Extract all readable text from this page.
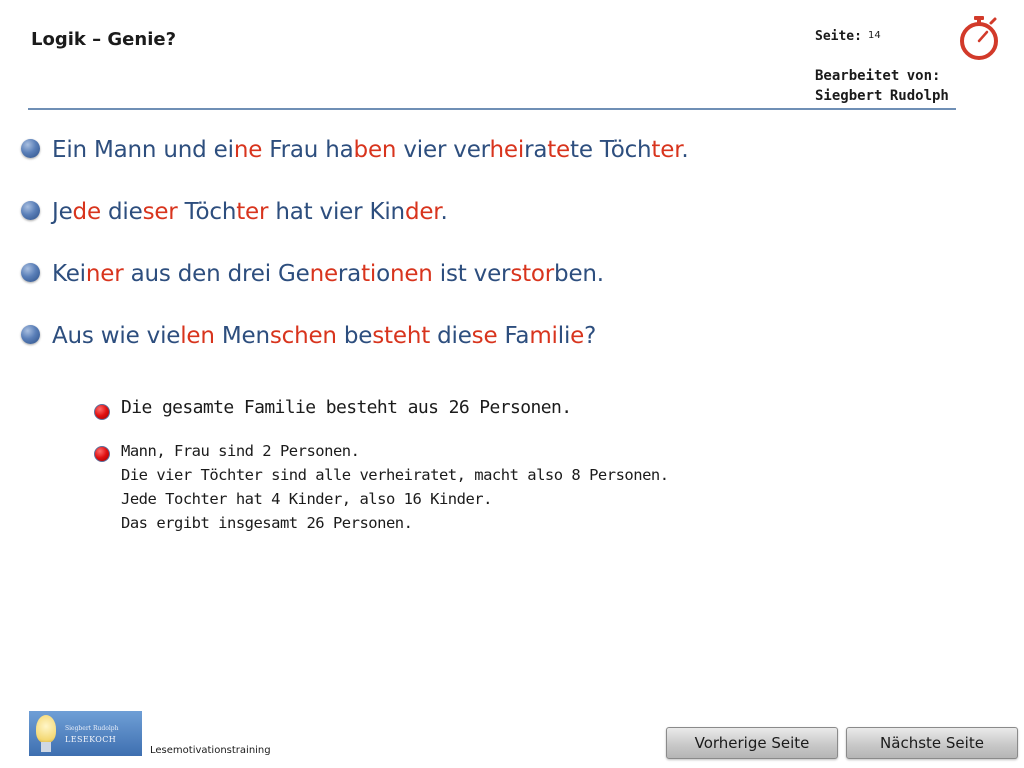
Logik – Genie?	Seite: 14
Bearbeitet von:
Siegbert Rudolph
Ein Mann und eine Frau haben vier verheiratete Töchter.
Jede dieser Töchter hat vier Kinder.
Keiner aus den drei Generationen ist verstorben.
Aus wie vielen Menschen besteht diese Familie?
Die gesamte Familie besteht aus 26 Personen.
Mann, Frau sind 2 Personen.
Die vier Töchter sind alle verheiratet, macht also 8 Personen.
Jede Tochter hat 4 Kinder, also 16 Kinder.
Das ergibt insgesamt 26 Personen.
Siegbert Rudolph
LESEKOCH
Lesemotivationstraining	Vorherige Seite	Nächste Seite
